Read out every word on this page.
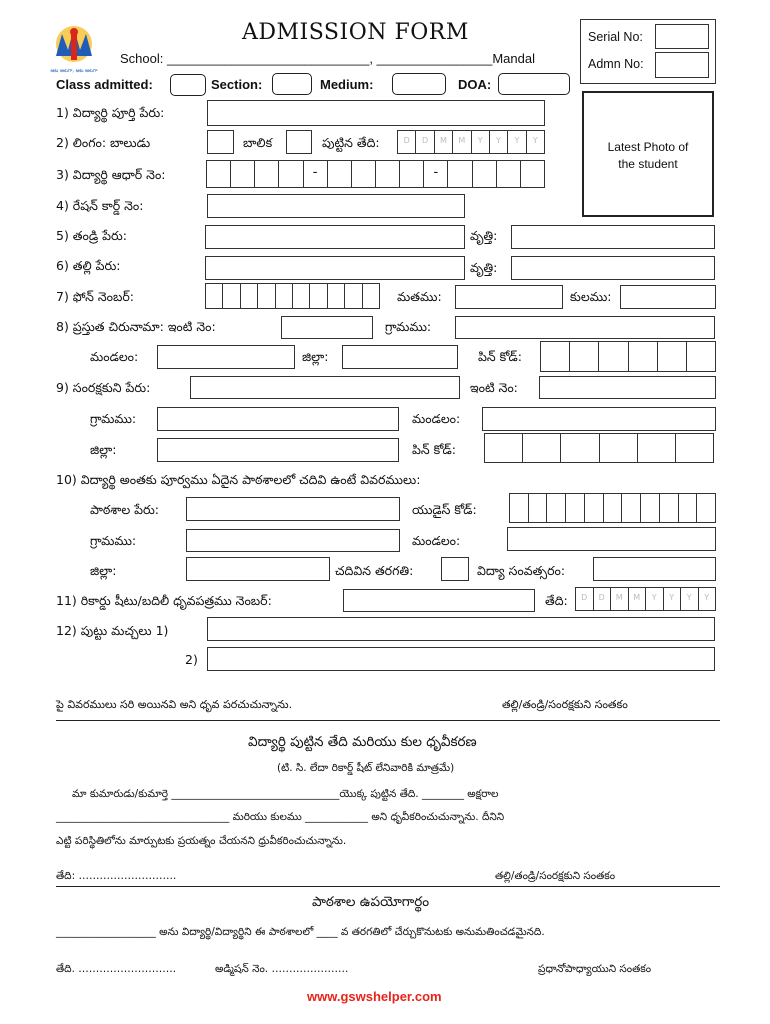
ఆట ఆటగా, ఆట ఆటగా
ADMISSION FORM
School: ____________________________, ________________Mandal
Serial No:
Admn No:
Class admitted:	Section:	Medium:	DOA:
Latest Photo of the student
1) విద్యార్థి పూర్తి పేరు:
2) లింగం: బాలుడు	బాలిక	పుట్టిన తేది:	D	D	M	M	Y	Y	Y	Y
3) విద్యార్థి ఆధార్ నెం:	-	-
4) రేషన్ కార్డ్ నెం:
5) తండ్రి పేరు:	వృత్తి:
6) తల్లి పేరు:	వృత్తి:
7) ఫోన్ నెంబర్:	మతము:	కులము:
8) ప్రస్తుత చిరునామా: ఇంటి నెం:	గ్రామము:
మండలం:	జిల్లా:	పిన్ కోడ్:
9) సంరక్షకుని పేరు:	ఇంటి నెం:
గ్రామము:	మండలం:
జిల్లా:	పిన్ కోడ్:
10) విద్యార్థి అంతకు పూర్వము ఏదైన పాఠశాలలో చదివి ఉంటే వివరములు:
పాఠశాల పేరు:	యుడైస్ కోడ్:
గ్రామము:	మండలం:
జిల్లా:	చదివిన తరగతి:	విద్యా సంవత్సరం:
11) రికార్డు షీటు/బదిలీ ధృవపత్రము నెంబర్:	తేది:	D	D	M	M	Y	Y	Y	Y
12) పుట్టు మచ్చలు 1)
2)
పై వివరములు సరి అయినవి అని ధృవ పరచుచున్నాను.	తల్లి/తండ్రి/సంరక్షకుని సంతకం
విద్యార్థి పుట్టిన తేది మరియు కుల ధృవీకరణ
(టి. సి. లేదా రికార్డ్ షీట్ లేనివారికి మాత్రమే)
మా కుమారుడు/కుమార్తె ________________________________యొక్క పుట్టిన తేది. ________ అక్షరాల
_________________________________ మరియు కులము ____________ అని ధృవీకరించుచున్నాను. దీనిని
ఎట్టి పరిస్థితిలోను మార్పుటకు ప్రయత్నం చేయనని ధ్రువీకరించుచున్నాను.
తేది: ……………………….	తల్లి/తండ్రి/సంరక్షకుని సంతకం
పాఠశాల ఉపయోగార్థం
___________________ అను విద్యార్థి/విద్యార్థిని ఈ పాఠశాలలో ____ వ తరగతిలో చేర్చుకొనుటకు అనుమతించడమైనది.
తేది. ……………………….	అడ్మిషన్ నెం. ………………….	ప్రధానోపాధ్యాయుని సంతకం
www.gswshelper.com
